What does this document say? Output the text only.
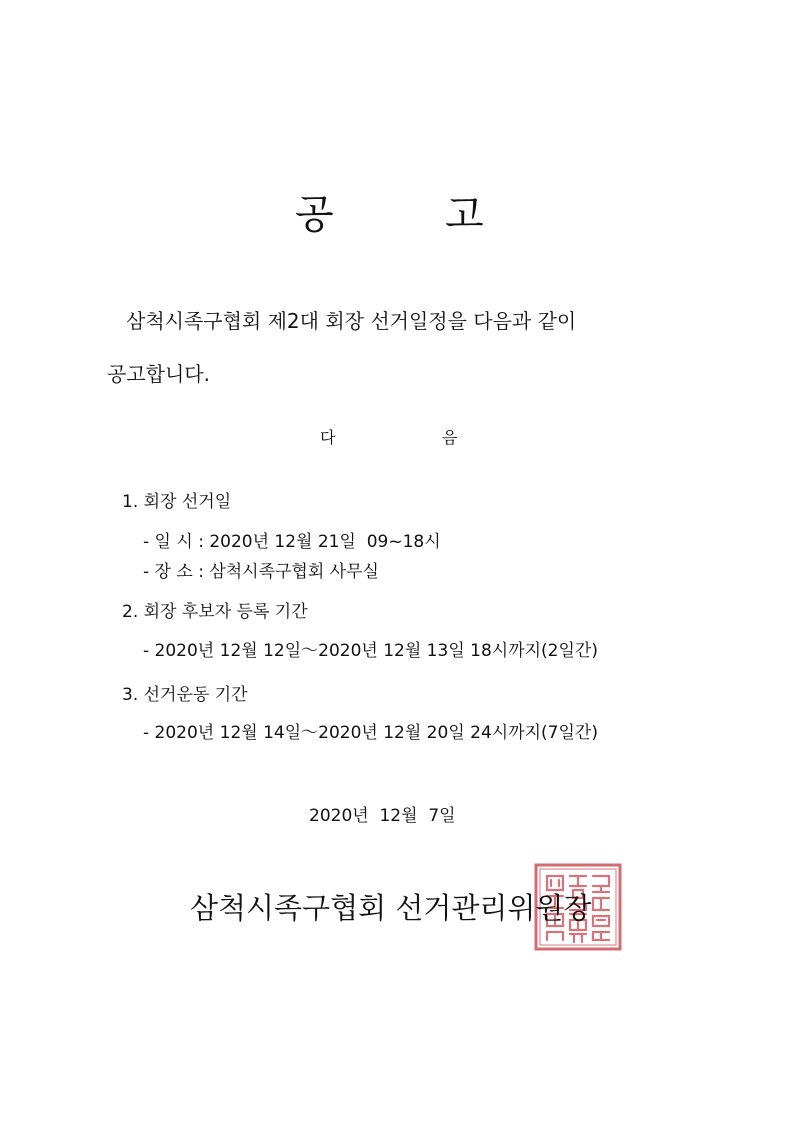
공	고
삼척시족구협회 제2대 회장 선거일정을 다음과 같이
공고합니다.
다	음
1. 회장 선거일
- 일 시 : 2020년 12월 21일  09~18시
- 장 소 : 삼척시족구협회 사무실
2. 회장 후보자 등록 기간
- 2020년 12월 12일～2020년 12월 13일 18시까지(2일간)
3. 선거운동 기간
- 2020년 12월 14일～2020년 12월 20일 24시까지(7일간)
2020년  12월  7일
삼척시족구협회 선거관리위원장
